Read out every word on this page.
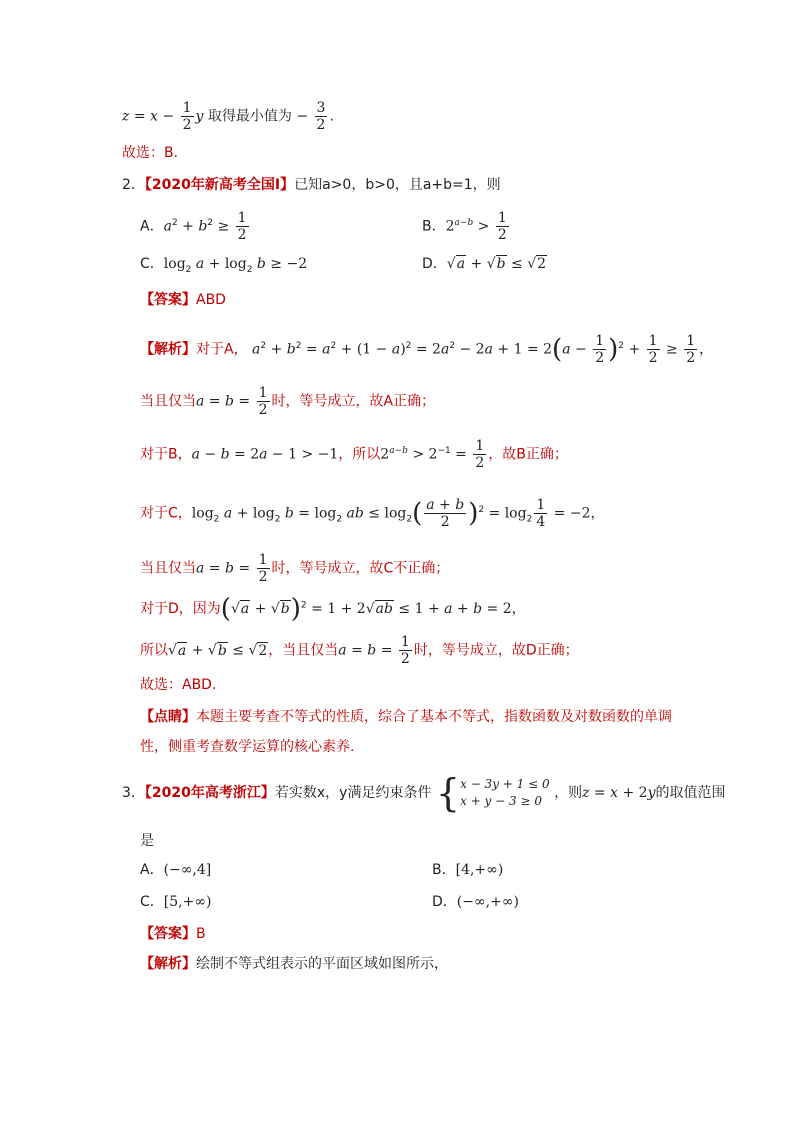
$z = x - \frac{1}{2}$ y 取得最小值为 − $\frac{3}{2}$ .
故选：B.
2．【2020年新高考全国Ⅰ】已知a>0，b>0，且a+b=1，则
A．$a^2 + b^2 \ge \frac{1}{2}$	B．$2^{a-b} > \frac{1}{2}$
C．$\log_2 a + \log_2 b \ge -2$	D．√a + √b ≤ √2
【答案】ABD
【解析】对于A， $a^2 + b^2 = a^2 + (1 - a)^2 = 2a^2 - 2a + 1 = 2(a - \frac{1}{2} )^2 + \frac{1}{2} \ge \frac{1}{2}$ ，
当且仅当$a = b = \frac{1}{2}$ 时，等号成立，故A正确；
对于B，a − b = 2a − 1 > −1，所以$2^{a-b} > 2^{-1} = \frac{1}{2}$ ，故B正确；
对于C，$\log_2 a + \log_2 b = \log_2$ ab ≤ $\log_2( \frac{a + b}{2} )^2 = \log_2 \frac{1}{4} = -2$，
当且仅当$a = b = \frac{1}{2}$ 时，等号成立，故C不正确；
对于D，因为$(√a + √b)^2 = 1 + 2√ab \le 1 + a + b = 2$，
所以√a + √b ≤ √2，当且仅当$a = b = \frac{1}{2}$ 时，等号成立，故D正确；
故选：ABD.
【点睛】本题主要考查不等式的性质，综合了基本不等式，指数函数及对数函数的单调
性，侧重考查数学运算的核心素养.
3．【2020年高考浙江】若实数x，y满足约束条件 {x − 3y + 1 ≤ 0
x + y − 3 ≥ 0 ，则z = x + 2y的取值范围
是
A．(−∞,4]	B．[4,+∞)
C．[5,+∞)	D．(−∞,+∞)
【答案】B
【解析】绘制不等式组表示的平面区域如图所示，
